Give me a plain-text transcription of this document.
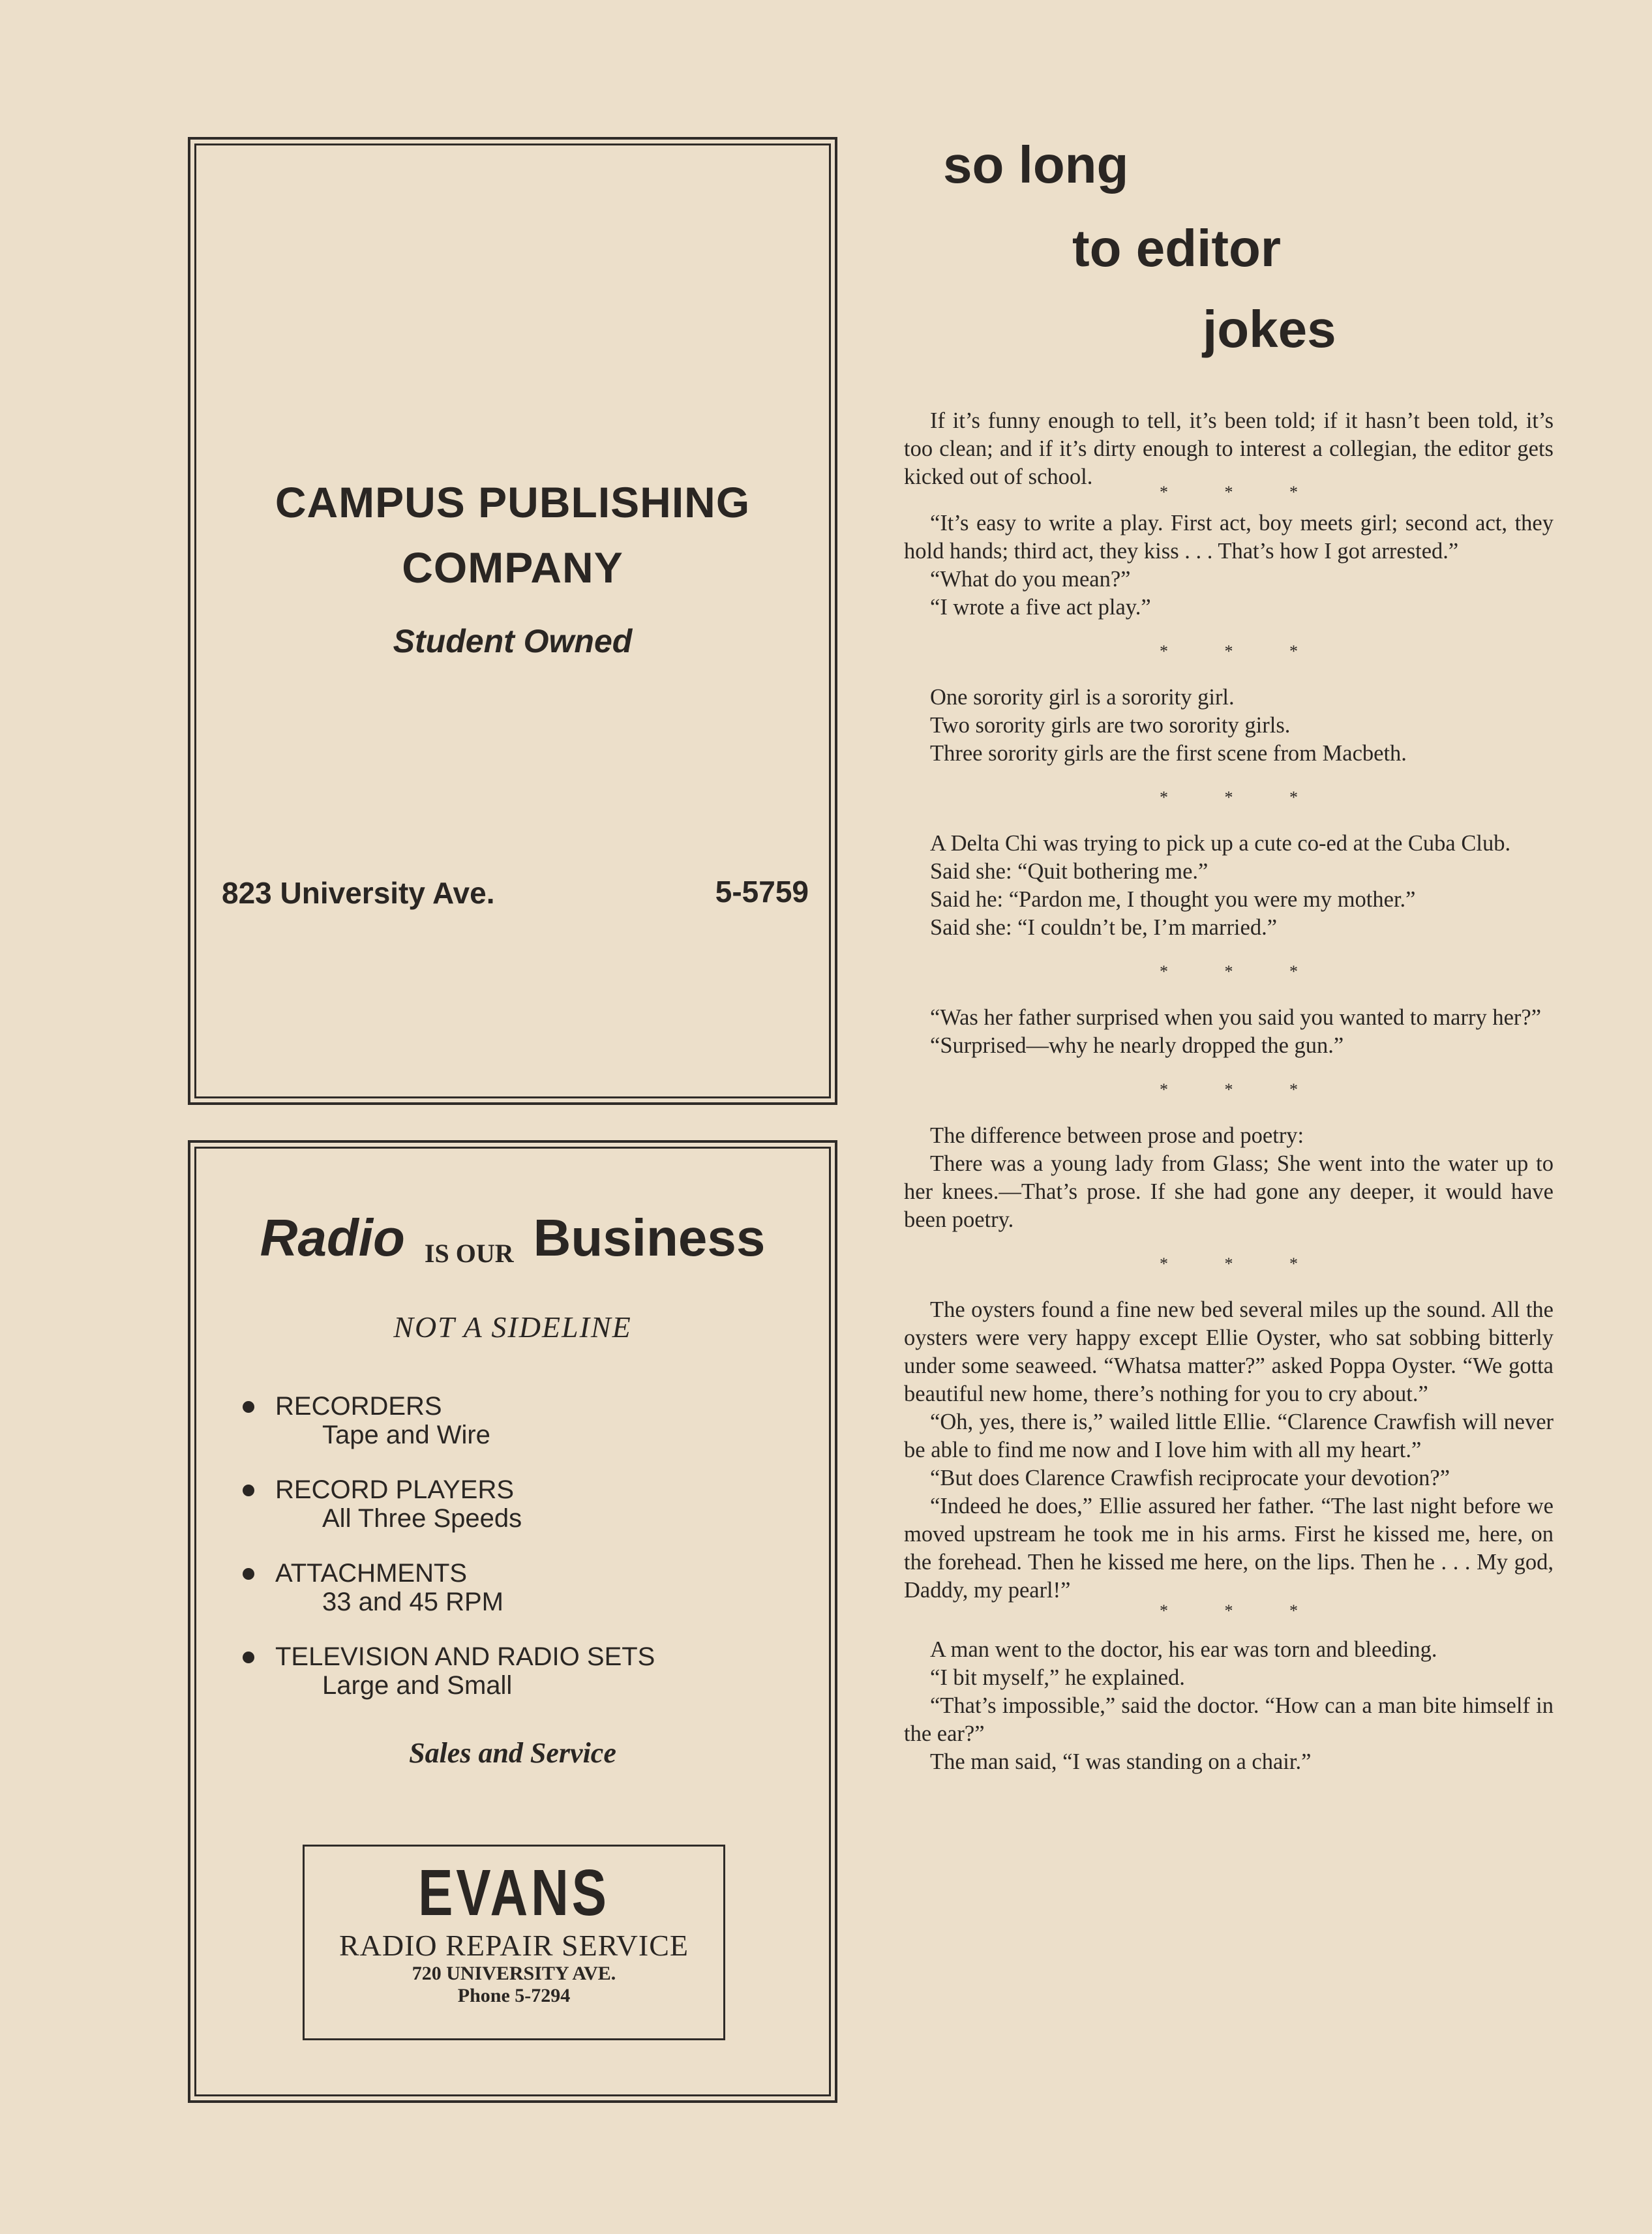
CAMPUS PUBLISHING
COMPANY
Student Owned
823 University Ave.	5-5759
Radio IS OUR Business
NOT A SIDELINE
RECORDERS
Tape and Wire
RECORD PLAYERS
All Three Speeds
ATTACHMENTS
33 and 45 RPM
TELEVISION AND RADIO SETS
Large and Small
Sales and Service
EVANS
RADIO REPAIR SERVICE
720 UNIVERSITY AVE.
Phone 5-7294
so long
to editor
jokes

If it’s funny enough to tell, it’s been told; if it hasn’t been told, it’s too clean; and if it’s dirty enough to interest a collegian, the editor gets kicked out of school.

* * *

“It’s easy to write a play. First act, boy meets girl; second act, they hold hands; third act, they kiss . . . That’s how I got arrested.”

“What do you mean?”

“I wrote a five act play.”

* * *

One sorority girl is a sorority girl.

Two sorority girls are two sorority girls.

Three sorority girls are the first scene from Macbeth.

* * *

A Delta Chi was trying to pick up a cute co-ed at the Cuba Club.

Said she: “Quit bothering me.”

Said he: “Pardon me, I thought you were my mother.”

Said she: “I couldn’t be, I’m married.”

* * *

“Was her father surprised when you said you wanted to marry her?”

“Surprised—why he nearly dropped the gun.”

* * *

The difference between prose and poetry:

There was a young lady from Glass; She went into the water up to her knees.—That’s prose. If she had gone any deeper, it would have been poetry.

* * *

The oysters found a fine new bed several miles up the sound. All the oysters were very happy except Ellie Oyster, who sat sobbing bitterly under some seaweed. “Whatsa matter?” asked Poppa Oyster. “We gotta beautiful new home, there’s nothing for you to cry about.”

“Oh, yes, there is,” wailed little Ellie. “Clarence Crawfish will never be able to find me now and I love him with all my heart.”

“But does Clarence Crawfish reciprocate your devotion?”

“Indeed he does,” Ellie assured her father. “The last night before we moved upstream he took me in his arms. First he kissed me, here, on the forehead. Then he kissed me here, on the lips. Then he . . . My god, Daddy, my pearl!”

* * *

A man went to the doctor, his ear was torn and bleeding.

“I bit myself,” he explained.

“That’s impossible,” said the doctor. “How can a man bite himself in the ear?”

The man said, “I was standing on a chair.”
